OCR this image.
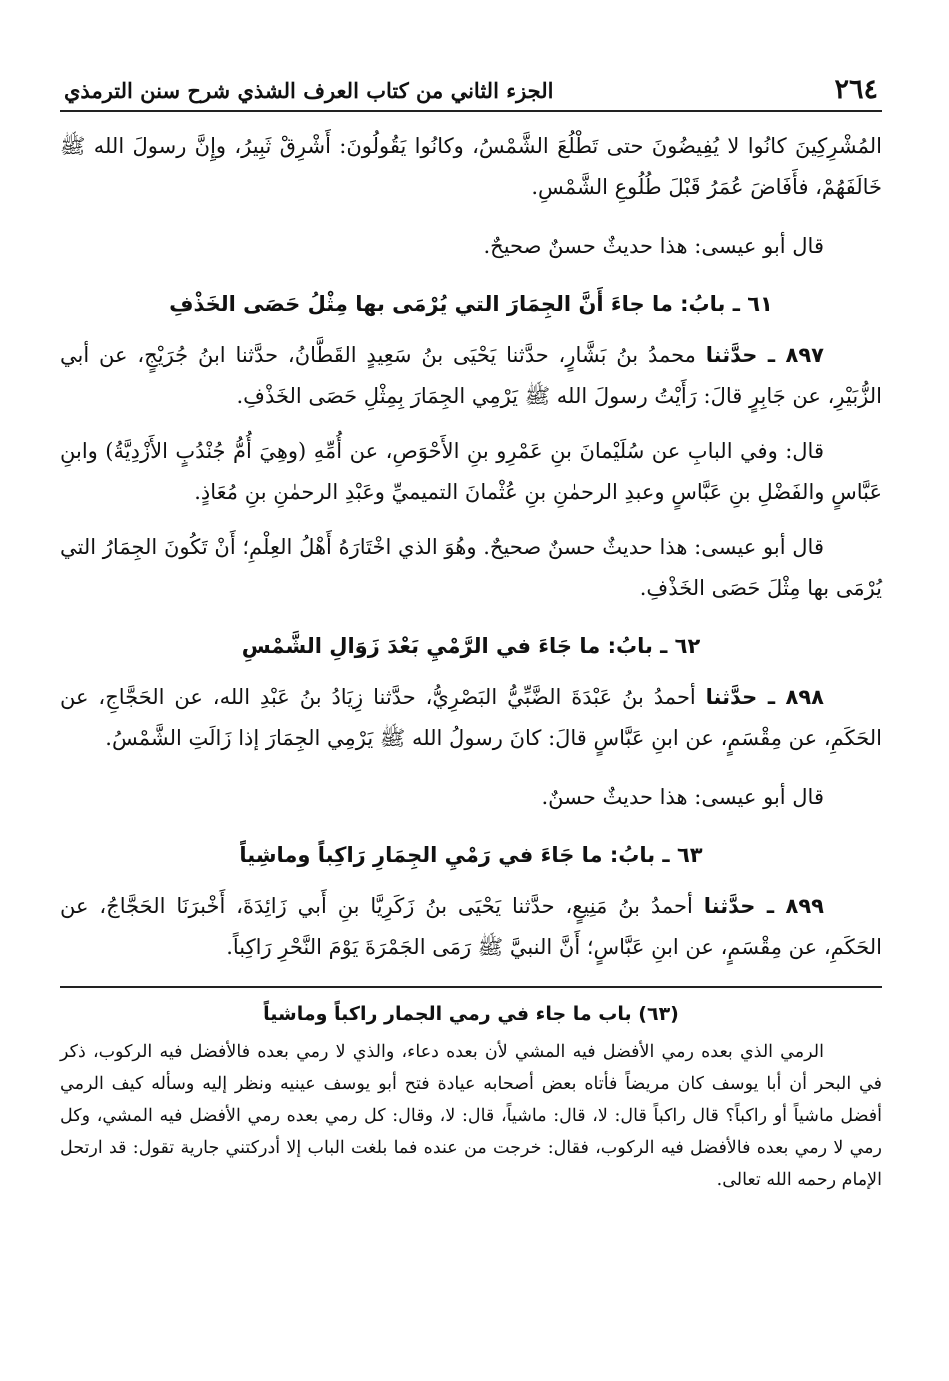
٢٦٤
الجزء الثاني من كتاب العرف الشذي شرح سنن الترمذي

المُشْرِكِينَ كانُوا لا يُفِيضُونَ حتى تَطْلُعَ الشَّمْسُ، وكانُوا يَقُولُونَ: أَشْرِقْ ثَبِيرُ، وإِنَّ رسولَ الله ﷺ خَالَفَهُمْ، فأَفَاضَ عُمَرُ قَبْلَ طُلُوعِ الشَّمْسِ.

قال أبو عيسى: هذا حديثٌ حسنٌ صحيحٌ.

٦١ ـ بابُ: ما جاءَ أَنَّ الجِمَارَ التي يُرْمَى بها مِثْلُ حَصَى الخَذْفِ

٨٩٧ ـ حدَّثنا محمدُ بنُ بَشَّارٍ، حدَّثنا يَحْيَى بنُ سَعِيدٍ القَطَّانُ، حدَّثنا ابنُ جُرَيْجٍ، عن أبي الزُّبَيْرِ، عن جَابِرٍ قالَ: رَأَيْتُ رسولَ الله ﷺ يَرْمِي الجِمَارَ بِمِثْلِ حَصَى الخَذْفِ.

قال: وفي البابِ عن سُلَيْمانَ بنِ عَمْرِو بنِ الأَحْوَصِ، عن أُمِّهِ (وهِيَ أُمُّ جُنْدُبٍ الأَزْدِيَّةُ) وابنِ عَبَّاسٍ والفَضْلِ بنِ عَبَّاسٍ وعبدِ الرحمٰنِ بنِ عُثْمانَ التميميِّ وعَبْدِ الرحمٰنِ بنِ مُعَاذٍ.

قال أبو عيسى: هذا حديثٌ حسنٌ صحيحٌ. وهُوَ الذي اخْتَارَهُ أَهْلُ العِلْمِ؛ أَنْ تَكُونَ الجِمَارُ التي يُرْمَى بها مِثْلَ حَصَى الخَذْفِ.

٦٢ ـ بابُ: ما جَاءَ في الرَّمْيِ بَعْدَ زَوَالِ الشَّمْسِ

٨٩٨ ـ حدَّثنا أحمدُ بنُ عَبْدَةَ الضَّبِّيُّ البَصْرِيُّ، حدَّثنا زِيَادُ بنُ عَبْدِ الله، عن الحَجَّاجِ، عن الحَكَمِ، عن مِقْسَمٍ، عن ابنِ عَبَّاسٍ قالَ: كانَ رسولُ الله ﷺ يَرْمِي الجِمَارَ إذا زَالَتِ الشَّمْسُ.

قال أبو عيسى: هذا حديثٌ حسنٌ.

٦٣ ـ بابُ: ما جَاءَ في رَمْيِ الجِمَارِ رَاكِباً وماشِياً

٨٩٩ ـ حدَّثنا أحمدُ بنُ مَنِيعٍ، حدَّثنا يَحْيَى بنُ زَكَرِيَّا بنِ أَبي زَائِدَةَ، أَخْبرَنَا الحَجَّاجُ، عن الحَكَمِ، عن مِقْسَمٍ، عن ابنِ عَبَّاسٍ؛ أَنَّ النبيَّ ﷺ رَمَى الجَمْرَةَ يَوْمَ النَّحْرِ رَاكِباً.

(٦٣) باب ما جاء في رمي الجمار راكباً وماشياً

الرمي الذي بعده رمي الأفضل فيه المشي لأن بعده دعاء، والذي لا رمي بعده فالأفضل فيه الركوب، ذكر في البحر أن أبا يوسف كان مريضاً فأتاه بعض أصحابه عيادة فتح أبو يوسف عينيه ونظر إليه وسأله كيف الرمي أفضل ماشياً أو راكباً؟ قال راكباً قال: لا، قال: ماشياً، قال: لا، وقال: كل رمي بعده رمي الأفضل فيه المشي، وكل رمي لا رمي بعده فالأفضل فيه الركوب، فقال: خرجت من عنده فما بلغت الباب إلا أدركتني جارية تقول: قد ارتحل الإمام رحمه الله تعالى.
